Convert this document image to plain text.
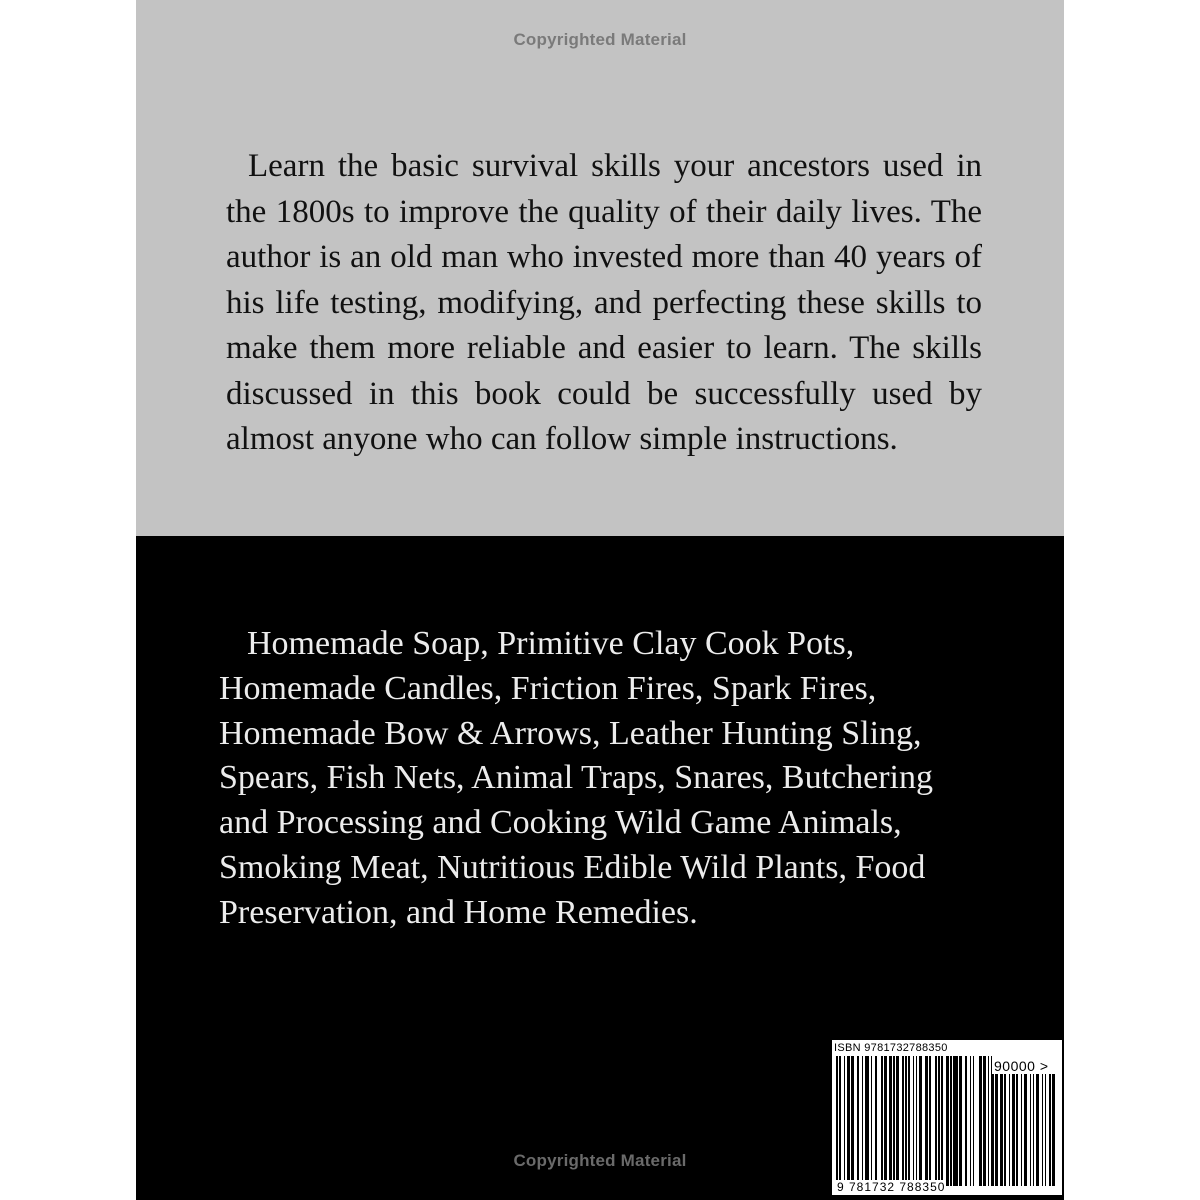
Copyrighted Material

Learn the basic survival skills your ancestors used in the 1800s to improve the quality of their daily lives. The author is an old man who invested more than 40 years of his life testing, modifying, and perfecting these skills to make them more reliable and easier to learn. The skills discussed in this book could be successfully used by almost anyone who can follow simple instructions.

Homemade Soap, Primitive Clay Cook Pots, Homemade Candles, Friction Fires, Spark Fires, Homemade Bow & Arrows, Leather Hunting Sling, Spears, Fish Nets, Animal Traps, Snares, Butchering and Processing and Cooking Wild Game Animals, Smoking Meat, Nutritious Edible Wild Plants, Food Preservation, and Home Remedies.

Copyrighted Material
ISBN 9781732788350
90000 >
9 781732 788350
